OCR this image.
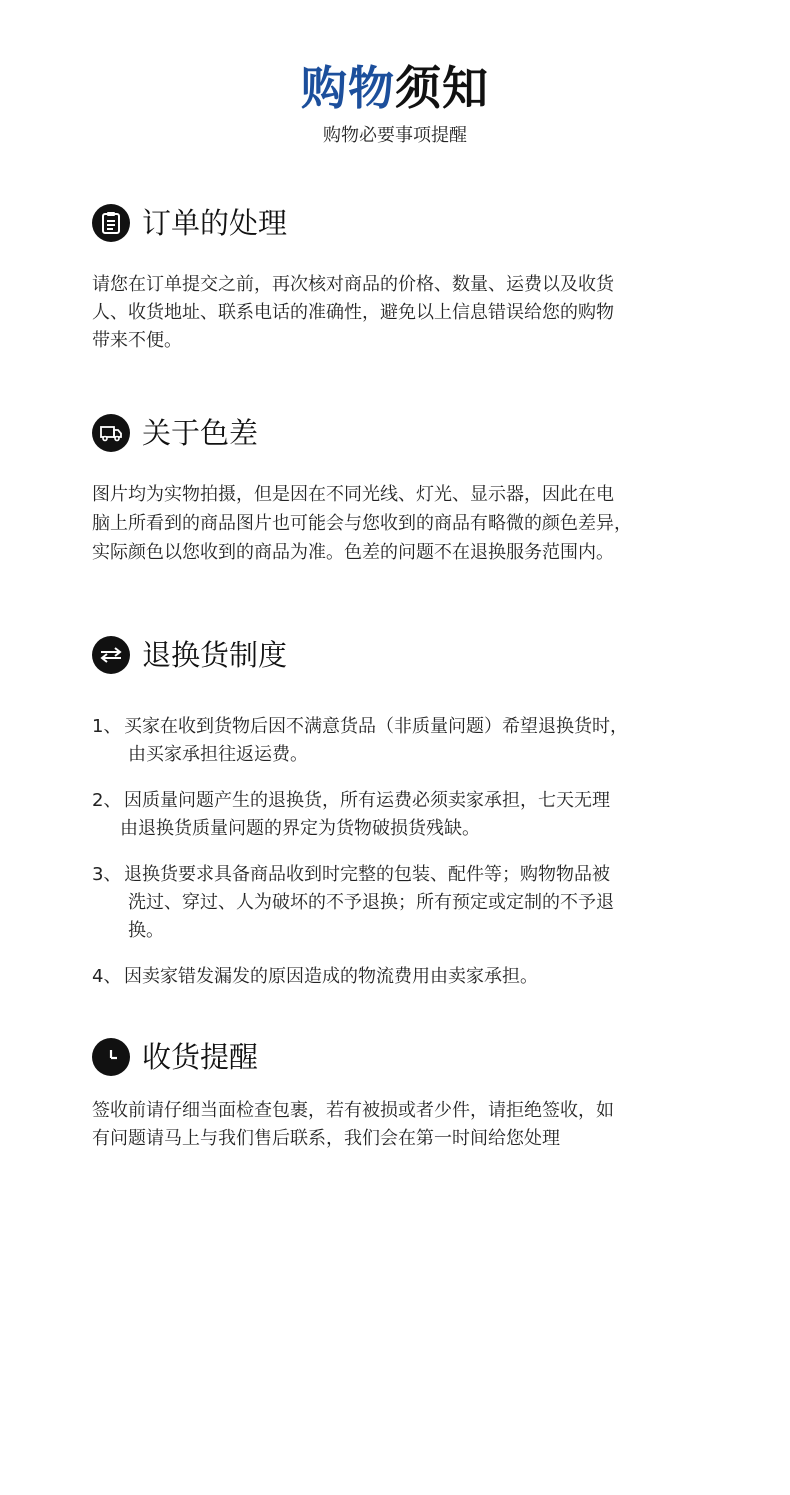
购物须知
购物必要事项提醒
订单的处理

请您在订单提交之前，再次核对商品的价格、数量、运费以及收货

人、收货地址、联系电话的准确性，避免以上信息错误给您的购物

带来不便。

关于色差

图片均为实物拍摄，但是因在不同光线、灯光、显示器，因此在电

脑上所看到的商品图片也可能会与您收到的商品有略微的颜色差异，

实际颜色以您收到的商品为准。色差的问题不在退换服务范围内。

退换货制度
1、 买家在收到货物后因不满意货品（非质量问题）希望退换货时，
由买家承担往返运费。
2、 因质量问题产生的退换货，所有运费必须卖家承担，七天无理
由退换货质量问题的界定为货物破损货残缺。
3、 退换货要求具备商品收到时完整的包装、配件等；购物物品被
洗过、穿过、人为破坏的不予退换；所有预定或定制的不予退
换。
4、 因卖家错发漏发的原因造成的物流费用由卖家承担。
收货提醒

签收前请仔细当面检查包裹，若有被损或者少件，请拒绝签收，如

有问题请马上与我们售后联系，我们会在第一时间给您处理
